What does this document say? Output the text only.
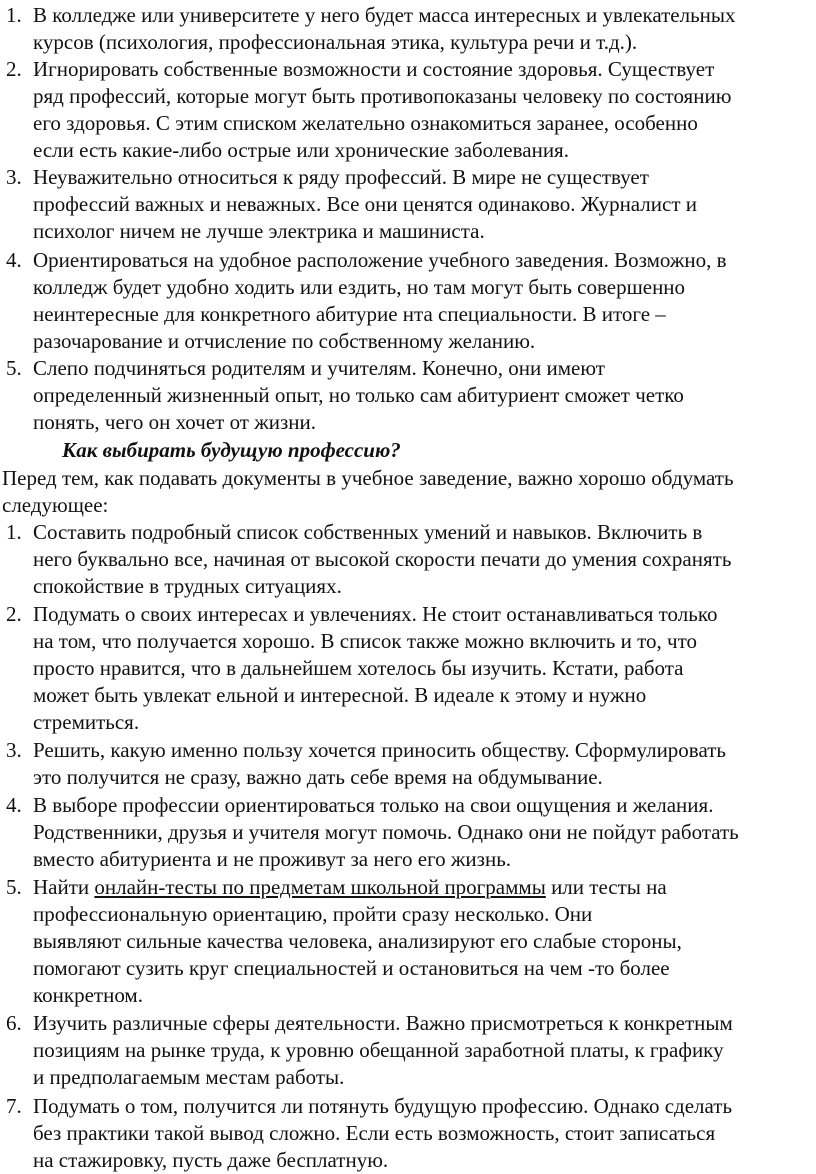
1. В колледже или университете у него будет масса интересных и увлекательных
курсов (психология, профессиональная этика, культура речи и т.д.).
2. Игнорировать собственные возможности и состояние здоровья. Существует
ряд профессий, которые могут быть противопоказаны человеку по состоянию
его здоровья. С этим списком желательно ознакомиться заранее, особенно
если есть какие-либо острые или хронические заболевания.
3. Неуважительно относиться к ряду профессий. В мире не существует
профессий важных и неважных. Все они ценятся одинаково. Журналист и
психолог ничем не лучше электрика и машиниста.
4. Ориентироваться на удобное расположение учебного заведения. Возможно, в
колледж будет удобно ходить или ездить, но там могут быть совершенно
неинтересные для конкретного абитурие нта специальности. В итоге –
разочарование и отчисление по собственному желанию.
5. Слепо подчиняться родителям и учителям. Конечно, они имеют
определенный жизненный опыт, но только сам абитуриент сможет четко
понять, чего он хочет от жизни.
Как выбирать будущую профессию?
Перед тем, как подавать документы в учебное заведение, важно хорошо обдумать
следующее:
1. Составить подробный список собственных умений и навыков. Включить в
него буквально все, начиная от высокой скорости печати до умения сохранять
спокойствие в трудных ситуациях.
2. Подумать о своих интересах и увлечениях. Не стоит останавливаться только
на том, что получается хорошо. В список также можно включить и то, что
просто нравится, что в дальнейшем хотелось бы изучить. Кстати, работа
может быть увлекат ельной и интересной. В идеале к этому и нужно
стремиться.
3. Решить, какую именно пользу хочется приносить обществу. Сформулировать
это получится не сразу, важно дать себе время на обдумывание.
4. В выборе профессии ориентироваться только на свои ощущения и желания.
Родственники, друзья и учителя могут помочь. Однако они не пойдут работать
вместо абитуриента и не проживут за него его жизнь.
5. Найти онлайн-тесты по предметам школьной программы или тесты на
профессиональную ориентацию, пройти сразу несколько. Они
выявляют сильные качества человека, анализируют его слабые стороны,
помогают сузить круг специальностей и остановиться на чем -то более
конкретном.
6. Изучить различные сферы деятельности. Важно присмотреться к конкретным
позициям на рынке труда, к уровню обещанной заработной платы, к графику
и предполагаемым местам работы.
7. Подумать о том, получится ли потянуть будущую профессию. Однако сделать
без практики такой вывод сложно. Если есть возможность, стоит записаться
на стажировку, пусть даже бесплатную.
